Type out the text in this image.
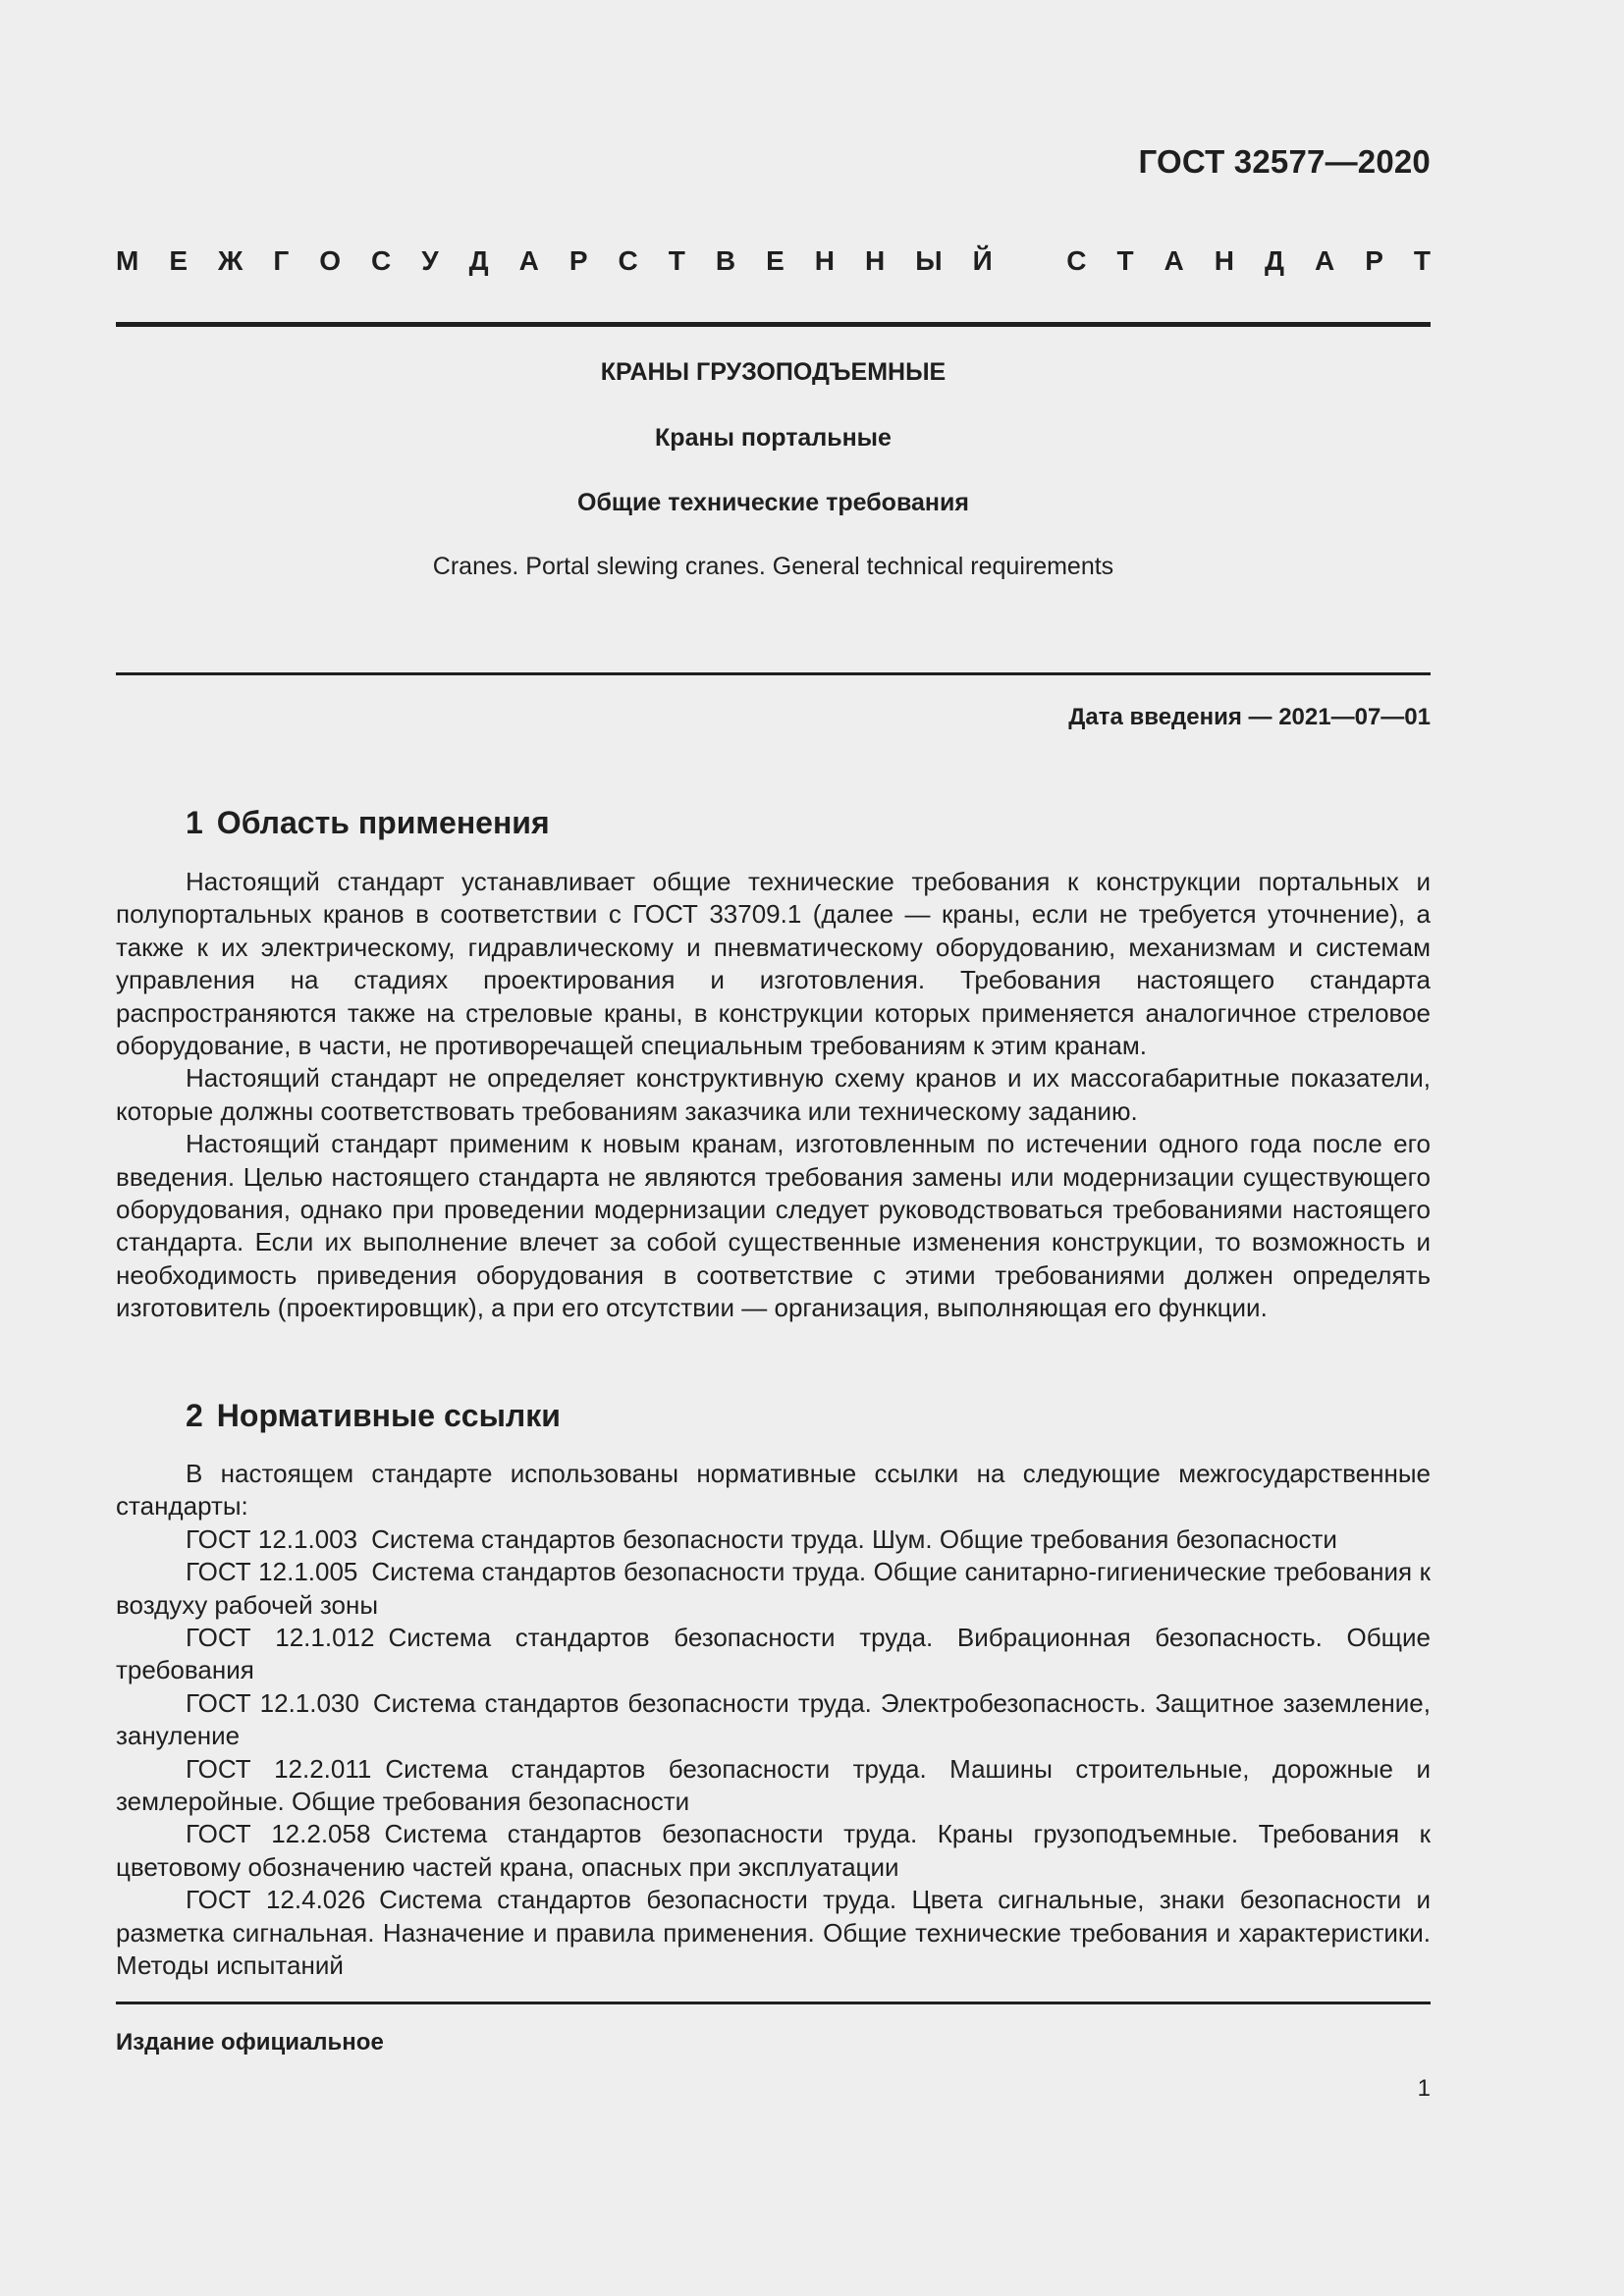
ГОСТ 32577—2020
М Е Ж Г О С У Д А Р С Т В Е Н Н Ы Й	С Т А Н Д А Р Т
КРАНЫ ГРУЗОПОДЪЕМНЫЕ
Краны портальные
Общие технические требования
Cranes. Portal slewing cranes. General technical requirements
Дата введения — 2021—07—01
1 Область применения

Настоящий стандарт устанавливает общие технические требования к конструкции портальных и полупортальных кранов в соответствии с ГОСТ 33709.1 (далее — краны, если не требуется уточнение), а также к их электрическому, гидравлическому и пневматическому оборудованию, механизмам и системам управления на стадиях проектирования и изготовления. Требования настоящего стандарта распространяются также на стреловые краны, в конструкции которых применяется аналогичное стреловое оборудование, в части, не противоречащей специальным требованиям к этим кранам.

Настоящий стандарт не определяет конструктивную схему кранов и их массогабаритные показатели, которые должны соответствовать требованиям заказчика или техническому заданию.

Настоящий стандарт применим к новым кранам, изготовленным по истечении одного года после его введения. Целью настоящего стандарта не являются требования замены или модернизации существующего оборудования, однако при проведении модернизации следует руководствоваться требованиями настоящего стандарта. Если их выполнение влечет за собой существенные изменения конструкции, то возможность и необходимость приведения оборудования в соответствие с этими требованиями должен определять изготовитель (проектировщик), а при его отсутствии — организация, выполняющая его функции.

2 Нормативные ссылки

В настоящем стандарте использованы нормативные ссылки на следующие межгосударственные стандарты:

ГОСТ 12.1.003 Система стандартов безопасности труда. Шум. Общие требования безопасности

ГОСТ 12.1.005 Система стандартов безопасности труда. Общие санитарно-гигиенические требования к воздуху рабочей зоны

ГОСТ 12.1.012 Система стандартов безопасности труда. Вибрационная безопасность. Общие требования

ГОСТ 12.1.030 Система стандартов безопасности труда. Электробезопасность. Защитное заземление, зануление

ГОСТ 12.2.011 Система стандартов безопасности труда. Машины строительные, дорожные и землеройные. Общие требования безопасности

ГОСТ 12.2.058 Система стандартов безопасности труда. Краны грузоподъемные. Требования к цветовому обозначению частей крана, опасных при эксплуатации

ГОСТ 12.4.026 Система стандартов безопасности труда. Цвета сигнальные, знаки безопасности и разметка сигнальная. Назначение и правила применения. Общие технические требования и характеристики. Методы испытаний

Издание официальное
1
